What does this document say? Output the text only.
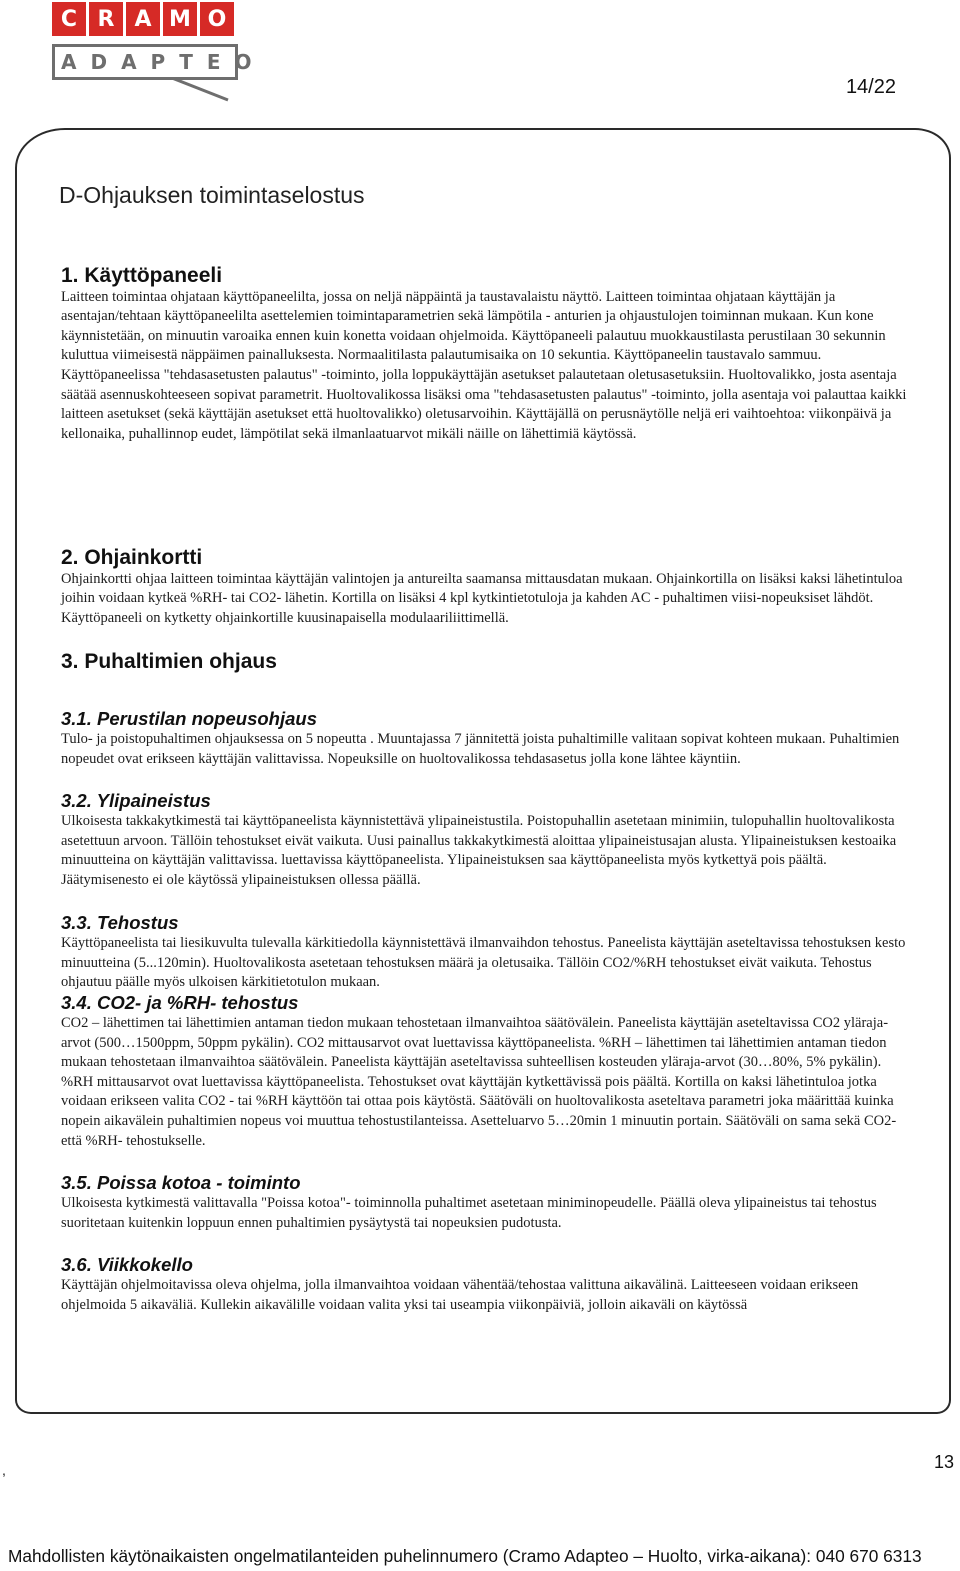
C R A M O
ADAPTEO
14/22
D-Ohjauksen toimintaselostus
1. Käyttöpaneeli

Laitteen toimintaa ohjataan käyttöpaneelilta, jossa on neljä näppäintä ja taustavalaistu näyttö. Laitteen toimintaa ohjataan käyttäjän ja asentajan/tehtaan käyttöpaneelilta asettelemien toimintaparametrien sekä lämpötila - anturien ja ohjaustulojen toiminnan mukaan. Kun kone käynnistetään, on minuutin varoaika ennen kuin konetta voidaan ohjelmoida. Käyttöpaneeli palautuu muokkaustilasta perustilaan 30 sekunnin kuluttua viimeisestä näppäimen painalluksesta. Normaalitilasta palautumisaika on 10 sekuntia. Käyttöpaneelin taustavalo sammuu. Käyttöpaneelissa "tehdasasetusten palautus" -toiminto, jolla loppukäyttäjän asetukset palautetaan oletusasetuksiin. Huoltovalikko, josta asentaja säätää asennuskohteeseen sopivat parametrit. Huoltovalikossa lisäksi oma "tehdasasetusten palautus" -toiminto, jolla asentaja voi palauttaa kaikki laitteen asetukset (sekä käyttäjän asetukset että huoltovalikko) oletusarvoihin. Käyttäjällä on perusnäytölle neljä eri vaihtoehtoa: viikonpäivä ja kellonaika, puhallinnop eudet, lämpötilat sekä ilmanlaatuarvot mikäli näille on lähettimiä käytössä.

2. Ohjainkortti

Ohjainkortti ohjaa laitteen toimintaa käyttäjän valintojen ja antureilta saamansa mittausdatan mukaan. Ohjainkortilla on lisäksi kaksi lähetintuloa joihin voidaan kytkeä %RH- tai CO2- lähetin. Kortilla on lisäksi 4 kpl kytkintietotuloja ja kahden AC - puhaltimen viisi-nopeuksiset lähdöt. Käyttöpaneeli on kytketty ohjainkortille kuusinapaisella modulaariliittimellä.

3. Puhaltimien ohjaus
3.1. Perustilan nopeusohjaus

Tulo- ja poistopuhaltimen ohjauksessa on 5 nopeutta . Muuntajassa 7 jännitettä joista puhaltimille valitaan sopivat kohteen mukaan. Puhaltimien nopeudet ovat erikseen käyttäjän valittavissa. Nopeuksille on huoltovalikossa tehdasasetus jolla kone lähtee käyntiin.

3.2. Ylipaineistus

Ulkoisesta takkakytkimestä tai käyttöpaneelista käynnistettävä ylipaineistustila. Poistopuhallin asetetaan minimiin, tulopuhallin huoltovalikosta asetettuun arvoon. Tällöin tehostukset eivät vaikuta. Uusi painallus takkakytkimestä aloittaa ylipaineistusajan alusta. Ylipaineistuksen kestoaika minuutteina on käyttäjän valittavissa. luettavissa käyttöpaneelista. Ylipaineistuksen saa käyttöpaneelista myös kytkettyä pois päältä. Jäätymisenesto ei ole käytössä ylipaineistuksen ollessa päällä.

3.3. Tehostus

Käyttöpaneelista tai liesikuvulta tulevalla kärkitiedolla käynnistettävä ilmanvaihdon tehostus. Paneelista käyttäjän aseteltavissa tehostuksen kesto minuutteina (5...120min). Huoltovalikosta asetetaan tehostuksen määrä ja oletusaika. Tällöin CO2/%RH tehostukset eivät vaikuta. Tehostus ohjautuu päälle myös ulkoisen kärkitietotulon mukaan.

3.4. CO2- ja %RH- tehostus

CO2 – lähettimen tai lähettimien antaman tiedon mukaan tehostetaan ilmanvaihtoa säätövälein. Paneelista käyttäjän aseteltavissa CO2 yläraja-arvot (500…1500ppm, 50ppm pykälin). CO2 mittausarvot ovat luettavissa käyttöpaneelista. %RH – lähettimen tai lähettimien antaman tiedon mukaan tehostetaan ilmanvaihtoa säätövälein. Paneelista käyttäjän aseteltavissa suhteellisen kosteuden yläraja-arvot (30…80%, 5% pykälin). %RH mittausarvot ovat luettavissa käyttöpaneelista. Tehostukset ovat käyttäjän kytkettävissä pois päältä. Kortilla on kaksi lähetintuloa jotka voidaan erikseen valita CO2 - tai %RH käyttöön tai ottaa pois käytöstä. Säätöväli on huoltovalikosta aseteltava parametri joka määrittää kuinka nopein aikavälein puhaltimien nopeus voi muuttua tehostustilanteissa. Asetteluarvo 5…20min 1 minuutin portain. Säätöväli on sama sekä CO2- että %RH- tehostukselle.

3.5. Poissa kotoa - toiminto

Ulkoisesta kytkimestä valittavalla "Poissa kotoa"- toiminnolla puhaltimet asetetaan miniminopeudelle. Päällä oleva ylipaineistus tai tehostus suoritetaan kuitenkin loppuun ennen puhaltimien pysäytystä tai nopeuksien pudotusta.

3.6. Viikkokello

Käyttäjän ohjelmoitavissa oleva ohjelma, jolla ilmanvaihtoa voidaan vähentää/tehostaa valittuna aikavälinä. Laitteeseen voidaan erikseen ohjelmoida 5 aikaväliä. Kullekin aikavälille voidaan valita yksi tai useampia viikonpäiviä, jolloin aikaväli on käytössä

,	13
Mahdollisten käytönaikaisten ongelmatilanteiden puhelinnumero (Cramo Adapteo – Huolto, virka-aikana): 040 670 6313
